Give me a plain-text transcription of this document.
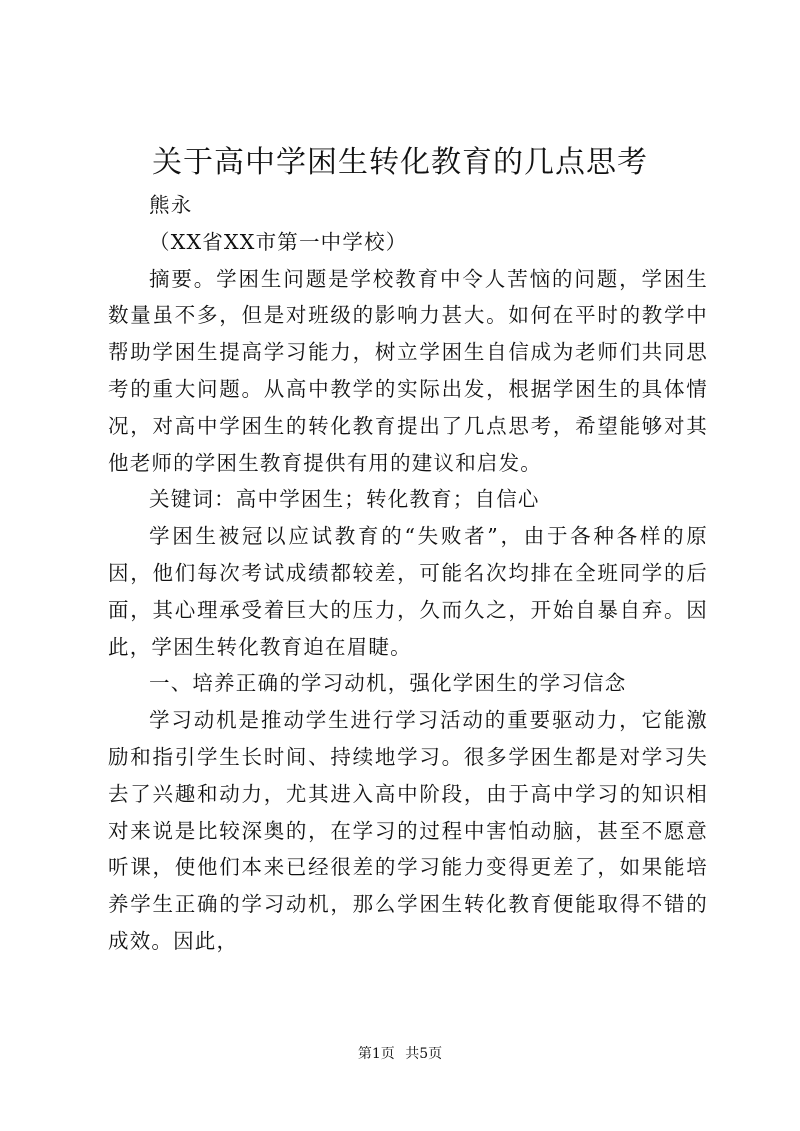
关于高中学困生转化教育的几点思考

熊永

（XX省XX市第一中学校）

摘要。学困生问题是学校教育中令人苦恼的问题，学困生数量虽不多，但是对班级的影响力甚大。如何在平时的教学中帮助学困生提高学习能力，树立学困生自信成为老师们共同思考的重大问题。从高中教学的实际出发，根据学困生的具体情况，对高中学困生的转化教育提出了几点思考，希望能够对其他老师的学困生教育提供有用的建议和启发。

关键词：高中学困生；转化教育；自信心

学困生被冠以应试教育的“失败者”，由于各种各样的原因，他们每次考试成绩都较差，可能名次均排在全班同学的后面，其心理承受着巨大的压力，久而久之，开始自暴自弃。因此，学困生转化教育迫在眉睫。

一、培养正确的学习动机，强化学困生的学习信念

学习动机是推动学生进行学习活动的重要驱动力，它能激励和指引学生长时间、持续地学习。很多学困生都是对学习失去了兴趣和动力，尤其进入高中阶段，由于高中学习的知识相对来说是比较深奥的，在学习的过程中害怕动脑，甚至不愿意听课，使他们本来已经很差的学习能力变得更差了，如果能培养学生正确的学习动机，那么学困生转化教育便能取得不错的成效。因此，

第1页 共5页
